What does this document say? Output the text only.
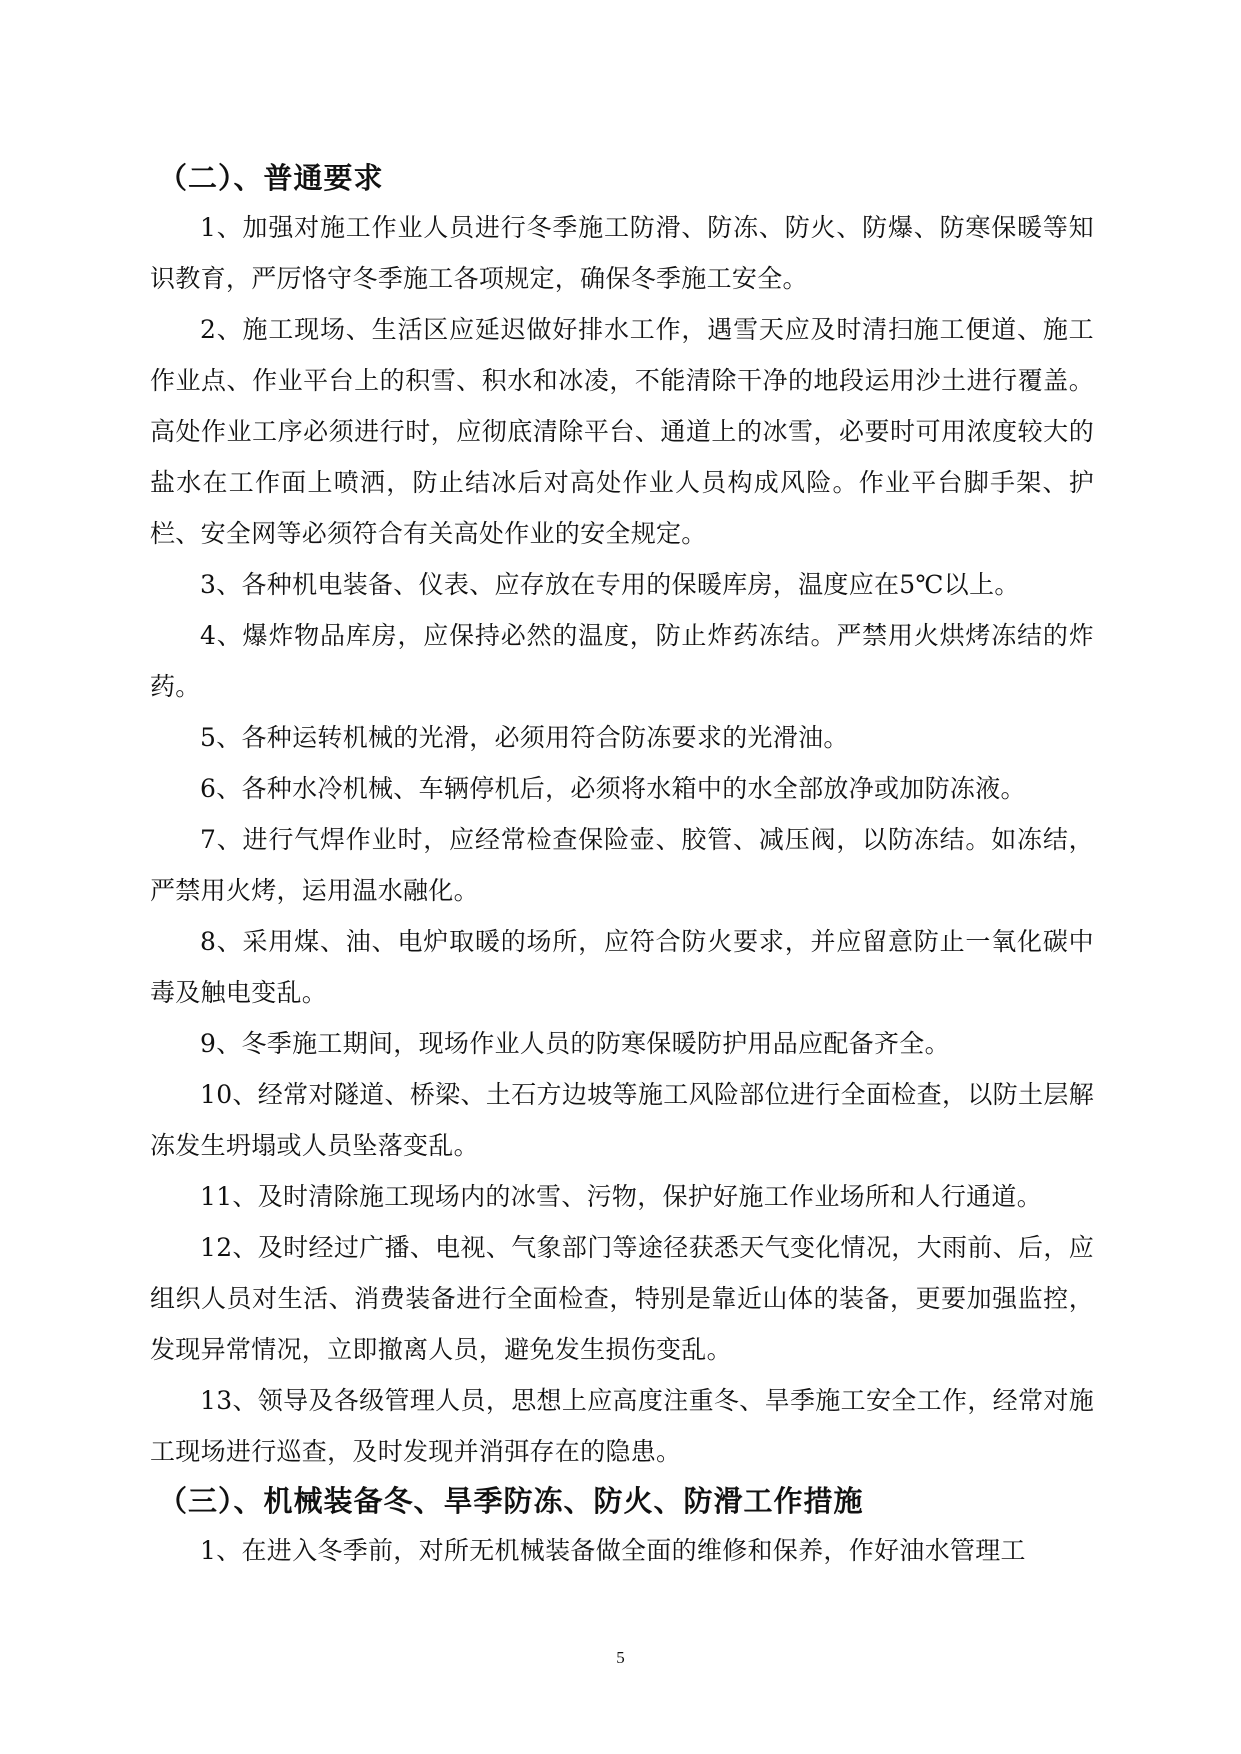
（二）、普通要求

1、加强对施工作业人员进行冬季施工防滑、防冻、防火、防爆、防寒保暖等知识教育，严厉恪守冬季施工各项规定，确保冬季施工安全。

2、施工现场、生活区应延迟做好排水工作，遇雪天应及时清扫施工便道、施工作业点、作业平台上的积雪、积水和冰凌，不能清除干净的地段运用沙土进行覆盖。高处作业工序必须进行时，应彻底清除平台、通道上的冰雪，必要时可用浓度较大的盐水在工作面上喷洒，防止结冰后对高处作业人员构成风险。作业平台脚手架、护栏、安全网等必须符合有关高处作业的安全规定。

3、各种机电装备、仪表、应存放在专用的保暖库房，温度应在5℃以上。

4、爆炸物品库房，应保持必然的温度，防止炸药冻结。严禁用火烘烤冻结的炸药。

5、各种运转机械的光滑，必须用符合防冻要求的光滑油。

6、各种水冷机械、车辆停机后，必须将水箱中的水全部放净或加防冻液。

7、进行气焊作业时，应经常检查保险壶、胶管、减压阀，以防冻结。如冻结，严禁用火烤，运用温水融化。

8、采用煤、油、电炉取暖的场所，应符合防火要求，并应留意防止一氧化碳中毒及触电变乱。

9、冬季施工期间，现场作业人员的防寒保暖防护用品应配备齐全。

10、经常对隧道、桥梁、土石方边坡等施工风险部位进行全面检查，以防土层解冻发生坍塌或人员坠落变乱。

11、及时清除施工现场内的冰雪、污物，保护好施工作业场所和人行通道。

12、及时经过广播、电视、气象部门等途径获悉天气变化情况，大雨前、后，应组织人员对生活、消费装备进行全面检查，特别是靠近山体的装备，更要加强监控，发现异常情况，立即撤离人员，避免发生损伤变乱。

13、领导及各级管理人员，思想上应高度注重冬、旱季施工安全工作，经常对施工现场进行巡查，及时发现并消弭存在的隐患。

（三）、机械装备冬、旱季防冻、防火、防滑工作措施

1、在进入冬季前，对所无机械装备做全面的维修和保养，作好油水管理工

5
